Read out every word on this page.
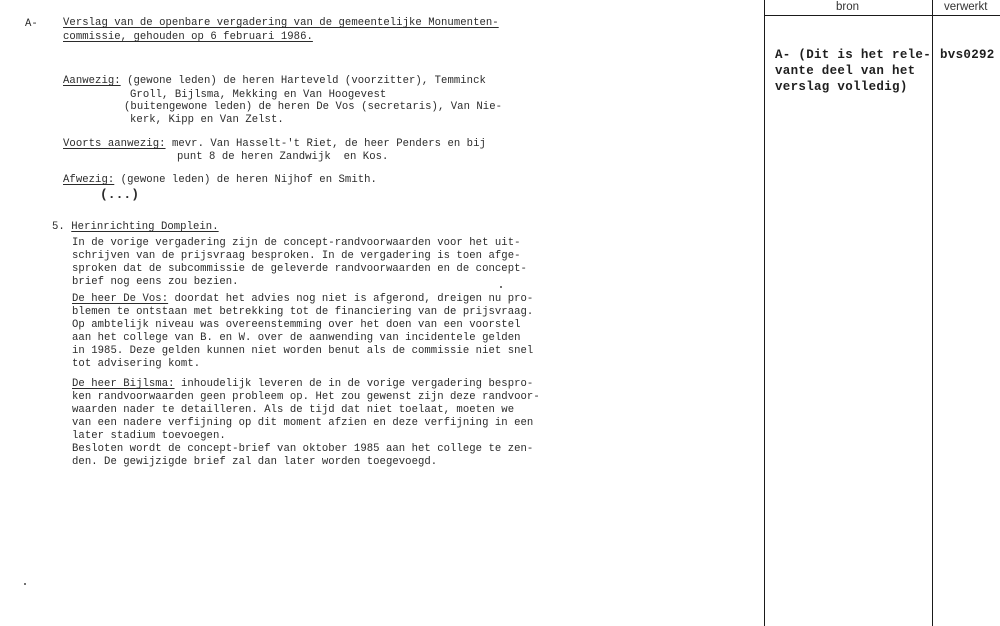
bron	verwerkt
A- (Dit is het rele-
vante deel van het
verslag volledig)
bvs0292
A- Verslag van de openbare vergadering van de gemeentelijke Monumenten-
commissie, gehouden op 6 februari 1986.
Aanwezig: (gewone leden) de heren Harteveld (voorzitter), Temminck
Groll, Bijlsma, Mekking en Van Hoogevest
(buitengewone leden) de heren De Vos (secretaris), Van Nie-
kerk, Kipp en Van Zelst.
Voorts aanwezig: mevr. Van Hasselt-'t Riet, de heer Penders en bij
punt 8 de heren Zandwijk  en Kos.
Afwezig: (gewone leden) de heren Nijhof en Smith.
(...)
5. Herinrichting Domplein.
In de vorige vergadering zijn de concept-randvoorwaarden voor het uit-
schrijven van de prijsvraag besproken. In de vergadering is toen afge-
sproken dat de subcommissie de geleverde randvoorwaarden en de concept-
brief nog eens zou bezien.
De heer De Vos: doordat het advies nog niet is afgerond, dreigen nu pro-
blemen te ontstaan met betrekking tot de financiering van de prijsvraag.
Op ambtelijk niveau was overeenstemming over het doen van een voorstel
aan het college van B. en W. over de aanwending van incidentele gelden
in 1985. Deze gelden kunnen niet worden benut als de commissie niet snel
tot advisering komt.
De heer Bijlsma: inhoudelijk leveren de in de vorige vergadering bespro-
ken randvoorwaarden geen probleem op. Het zou gewenst zijn deze randvoor-
waarden nader te detailleren. Als de tijd dat niet toelaat, moeten we
van een nadere verfijning op dit moment afzien en deze verfijning in een
later stadium toevoegen.
Besloten wordt de concept-brief van oktober 1985 aan het college te zen-
den. De gewijzigde brief zal dan later worden toegevoegd.
